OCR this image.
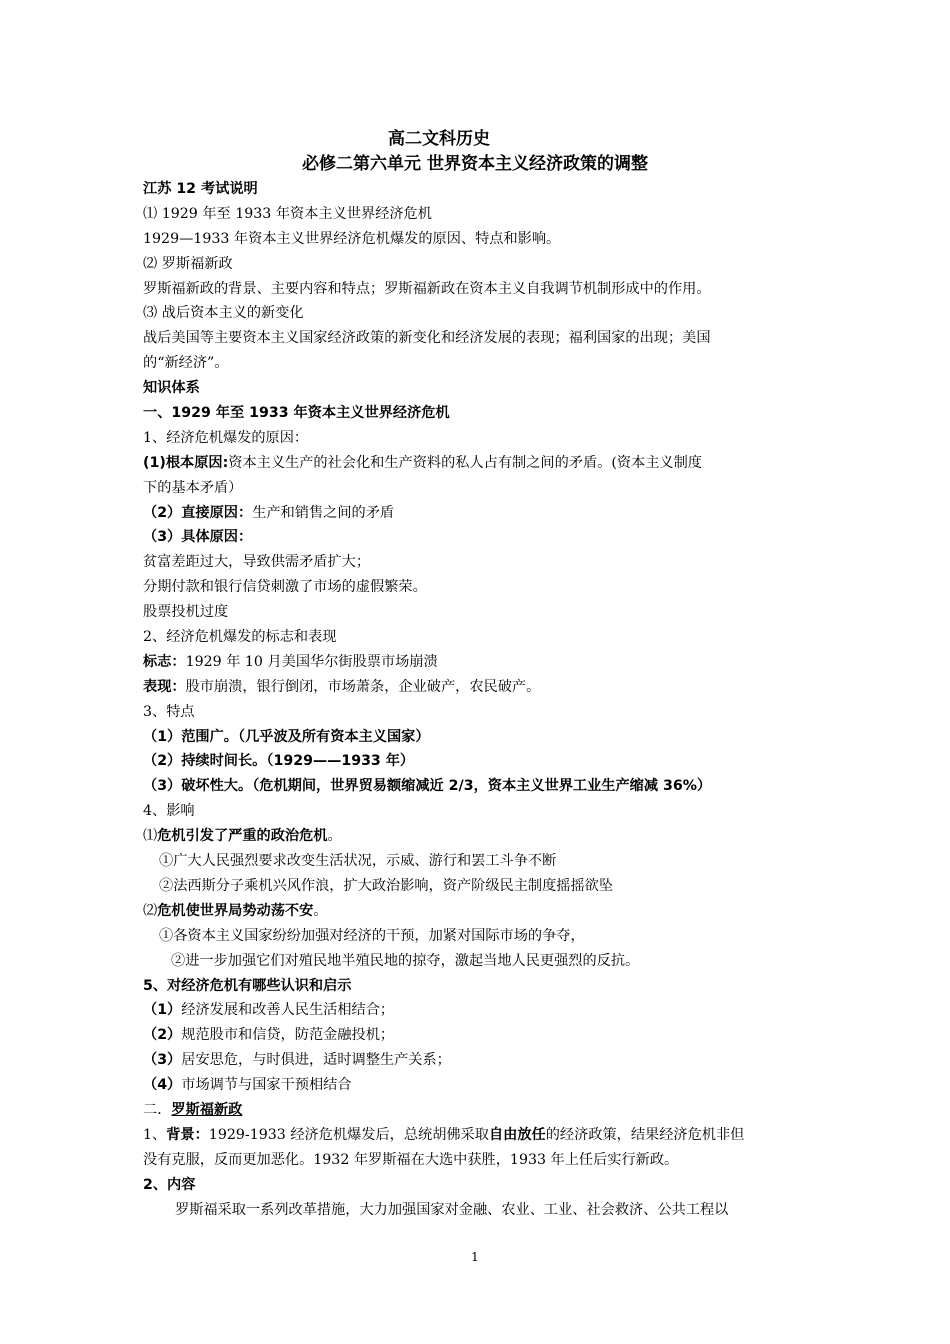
高二文科历史
必修二第六单元 世界资本主义经济政策的调整
江苏 12 考试说明
⑴ 1929 年至 1933 年资本主义世界经济危机
1929—1933 年资本主义世界经济危机爆发的原因、特点和影响。
⑵ 罗斯福新政
罗斯福新政的背景、主要内容和特点；罗斯福新政在资本主义自我调节机制形成中的作用。
⑶ 战后资本主义的新变化
战后美国等主要资本主义国家经济政策的新变化和经济发展的表现；福利国家的出现；美国
的“新经济”。
知识体系
一、1929 年至 1933 年资本主义世界经济危机
1、经济危机爆发的原因：
(1)根本原因:资本主义生产的社会化和生产资料的私人占有制之间的矛盾。(资本主义制度
下的基本矛盾）
（2）直接原因：生产和销售之间的矛盾
（3）具体原因：
贫富差距过大，导致供需矛盾扩大；
分期付款和银行信贷刺激了市场的虚假繁荣。
股票投机过度
2、经济危机爆发的标志和表现
标志：1929 年 10 月美国华尔街股票市场崩溃
表现：股市崩溃，银行倒闭，市场萧条，企业破产，农民破产。
3、特点
（1）范围广。（几乎波及所有资本主义国家）
（2）持续时间长。（1929——1933 年）
（3）破坏性大。（危机期间，世界贸易额缩减近 2/3，资本主义世界工业生产缩减 36%）
4、影响
⑴危机引发了严重的政治危机。
①广大人民强烈要求改变生活状况，示威、游行和罢工斗争不断
②法西斯分子乘机兴风作浪，扩大政治影响，资产阶级民主制度摇摇欲坠
⑵危机使世界局势动荡不安。
①各资本主义国家纷纷加强对经济的干预，加紧对国际市场的争夺，
②进一步加强它们对殖民地半殖民地的掠夺，激起当地人民更强烈的反抗。
5、对经济危机有哪些认识和启示
（1）经济发展和改善人民生活相结合；
（2）规范股市和信贷，防范金融投机；
（3）居安思危，与时俱进，适时调整生产关系；
（4）市场调节与国家干预相结合
二．罗斯福新政
1、背景：1929-1933 经济危机爆发后，总统胡佛采取自由放任的经济政策，结果经济危机非但
没有克服，反而更加恶化。1932 年罗斯福在大选中获胜，1933 年上任后实行新政。
2、内容
罗斯福采取一系列改革措施，大力加强国家对金融、农业、工业、社会救济、公共工程以
1
